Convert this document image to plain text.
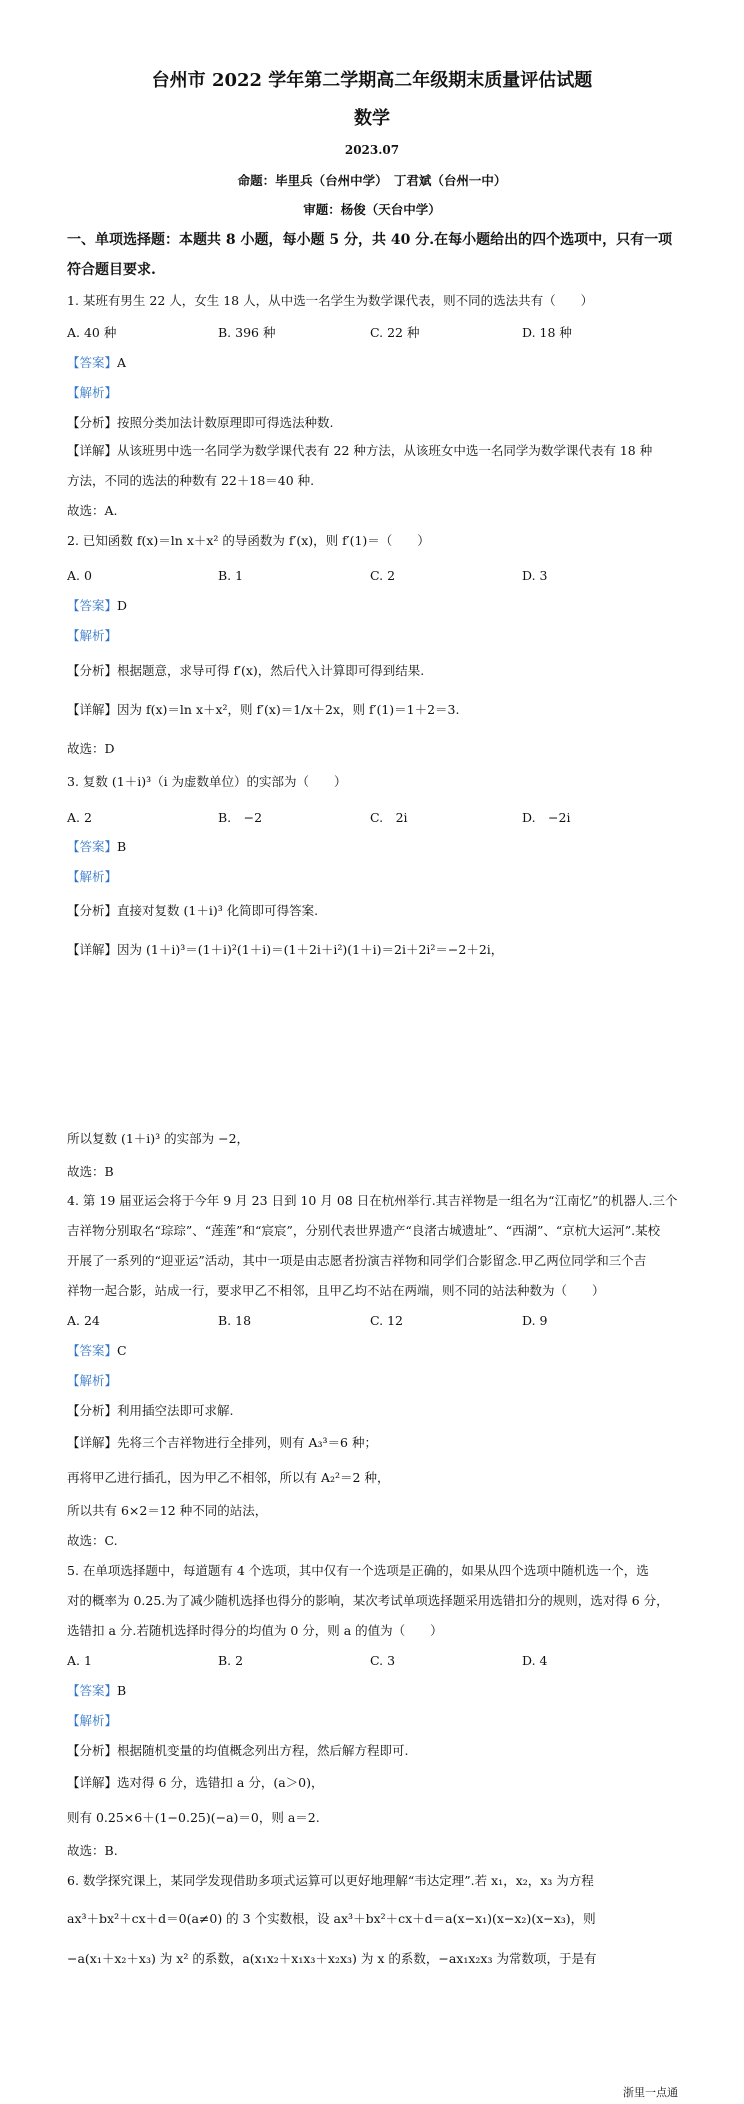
台州市 2022 学年第二学期高二年级期末质量评估试题
数学
2023.07
命题：毕里兵（台州中学）　丁君斌（台州一中）
审题：杨俊（天台中学）
一、单项选择题：本题共 8 小题，每小题 5 分，共 40 分.在每小题给出的四个选项中，只有一项符合题目要求.
1. 某班有男生 22 人，女生 18 人，从中选一名学生为数学课代表，则不同的选法共有（　　）
A. 40 种	B. 396 种	C. 22 种	D. 18 种
【答案】A
【解析】
【分析】按照分类加法计数原理即可得选法种数.
【详解】从该班男中选一名同学为数学课代表有 22 种方法，从该班女中选一名同学为数学课代表有 18 种
方法，不同的选法的种数有 22＋18＝40 种.
故选：A.
2. 已知函数 f(x)＝ln x＋x² 的导函数为 f′(x)，则 f′(1)＝（　　）
A. 0	B. 1	C. 2	D. 3
【答案】D
【解析】
【分析】根据题意，求导可得 f′(x)，然后代入计算即可得到结果.
【详解】因为 f(x)＝ln x＋x²，则 f′(x)＝1/x＋2x，则 f′(1)＝1＋2＝3.
故选：D
3. 复数 (1＋i)³（i 为虚数单位）的实部为（　　）
A. 2	B.　−2	C.　2i	D.　−2i
【答案】B
【解析】
【分析】直接对复数 (1＋i)³ 化简即可得答案.
【详解】因为 (1＋i)³＝(1＋i)²(1＋i)＝(1＋2i＋i²)(1＋i)＝2i＋2i²＝−2＋2i，
所以复数 (1＋i)³ 的实部为 −2，
故选：B
4. 第 19 届亚运会将于今年 9 月 23 日到 10 月 08 日在杭州举行.其吉祥物是一组名为“江南忆”的机器人.三个
吉祥物分别取名“琮琮”、“莲莲”和“宸宸”，分别代表世界遗产“良渚古城遗址”、“西湖”、“京杭大运河”.某校
开展了一系列的“迎亚运”活动，其中一项是由志愿者扮演吉祥物和同学们合影留念.甲乙两位同学和三个吉
祥物一起合影，站成一行，要求甲乙不相邻，且甲乙均不站在两端，则不同的站法种数为（　　）
A. 24	B. 18	C. 12	D. 9
【答案】C
【解析】
【分析】利用插空法即可求解.
【详解】先将三个吉祥物进行全排列，则有 A₃³＝6 种；
再将甲乙进行插孔，因为甲乙不相邻，所以有 A₂²＝2 种，
所以共有 6×2＝12 种不同的站法，
故选：C.
5. 在单项选择题中，每道题有 4 个选项，其中仅有一个选项是正确的，如果从四个选项中随机选一个，选
对的概率为 0.25.为了减少随机选择也得分的影响，某次考试单项选择题采用选错扣分的规则，选对得 6 分，
选错扣 a 分.若随机选择时得分的均值为 0 分，则 a 的值为（　　）
A. 1	B. 2	C. 3	D. 4
【答案】B
【解析】
【分析】根据随机变量的均值概念列出方程，然后解方程即可.
【详解】选对得 6 分，选错扣 a 分，(a＞0)，
则有 0.25×6＋(1−0.25)(−a)＝0，则 a＝2.
故选：B.
6. 数学探究课上，某同学发现借助多项式运算可以更好地理解“韦达定理”.若 x₁，x₂，x₃ 为方程
ax³＋bx²＋cx＋d＝0(a≠0) 的 3 个实数根，设 ax³＋bx²＋cx＋d＝a(x−x₁)(x−x₂)(x−x₃)，则
−a(x₁＋x₂＋x₃) 为 x² 的系数，a(x₁x₂＋x₁x₃＋x₂x₃) 为 x 的系数，−ax₁x₂x₃ 为常数项，于是有
浙里一点通
